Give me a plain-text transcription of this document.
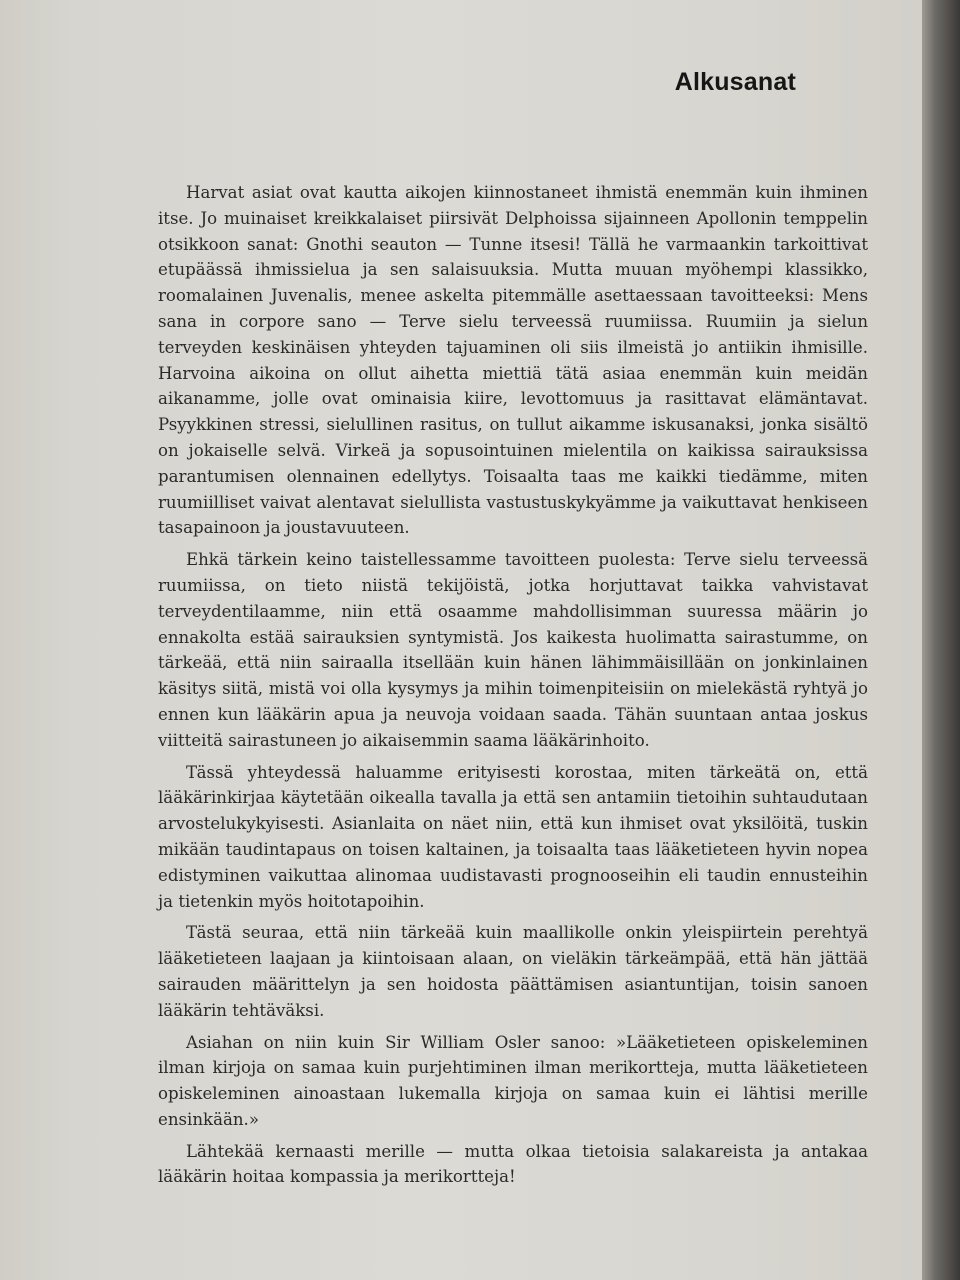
Alkusanat

Harvat asiat ovat kautta aikojen kiinnostaneet ihmistä enemmän kuin ihminen itse. Jo muinaiset kreikkalaiset piirsivät Delphoissa sijainneen Apollonin temppelin otsikkoon sanat: Gnothi seauton — Tunne itsesi! Tällä he varmaankin tarkoittivat etupäässä ihmissielua ja sen salaisuuksia. Mutta muuan myöhempi klassikko, roomalainen Juvenalis, menee askelta pitemmälle asettaessaan tavoitteeksi: Mens sana in corpore sano — Terve sielu terveessä ruumiissa. Ruumiin ja sielun terveyden keskinäisen yhteyden tajuaminen oli siis ilmeistä jo antiikin ihmisille. Harvoina aikoina on ollut aihetta miettiä tätä asiaa enemmän kuin meidän aikanamme, jolle ovat ominaisia kiire, levottomuus ja rasittavat elämäntavat. Psyykkinen stressi, sielullinen rasitus, on tullut aikamme iskusanaksi, jonka sisältö on jokaiselle selvä. Virkeä ja sopusointuinen mielentila on kaikissa sairauksissa parantumisen olennainen edellytys. Toisaalta taas me kaikki tiedämme, miten ruumiilliset vaivat alentavat sielullista vastustuskykyämme ja vaikuttavat henkiseen tasapainoon ja joustavuuteen.

Ehkä tärkein keino taistellessamme tavoitteen puolesta: Terve sielu terveessä ruumiissa, on tieto niistä tekijöistä, jotka horjuttavat taikka vahvistavat terveydentilaamme, niin että osaamme mahdollisimman suuressa määrin jo ennakolta estää sairauksien syntymistä. Jos kaikesta huolimatta sairastumme, on tärkeää, että niin sairaalla itsellään kuin hänen lähimmäisillään on jonkinlainen käsitys siitä, mistä voi olla kysymys ja mihin toimenpiteisiin on mielekästä ryhtyä jo ennen kun lääkärin apua ja neuvoja voidaan saada. Tähän suuntaan antaa joskus viitteitä sairastuneen jo aikaisemmin saama lääkärinhoito.

Tässä yhteydessä haluamme erityisesti korostaa, miten tärkeätä on, että lääkärinkirjaa käytetään oikealla tavalla ja että sen antamiin tietoihin suhtaudutaan arvostelukykyisesti. Asianlaita on näet niin, että kun ihmiset ovat yksilöitä, tuskin mikään taudintapaus on toisen kaltainen, ja toisaalta taas lääketieteen hyvin nopea edistyminen vaikuttaa alinomaa uudistavasti prognooseihin eli taudin ennusteihin ja tietenkin myös hoitotapoihin.

Tästä seuraa, että niin tärkeää kuin maallikolle onkin yleispiirtein perehtyä lääketieteen laajaan ja kiintoisaan alaan, on vieläkin tärkeämpää, että hän jättää sairauden määrittelyn ja sen hoidosta päättämisen asiantuntijan, toisin sanoen lääkärin tehtäväksi.

Asiahan on niin kuin Sir William Osler sanoo: »Lääketieteen opiskeleminen ilman kirjoja on samaa kuin purjehtiminen ilman merikortteja, mutta lääketieteen opiskeleminen ainoastaan lukemalla kirjoja on samaa kuin ei lähtisi merille ensinkään.»

Lähtekää kernaasti merille — mutta olkaa tietoisia salakareista ja antakaa lääkärin hoitaa kompassia ja merikortteja!
